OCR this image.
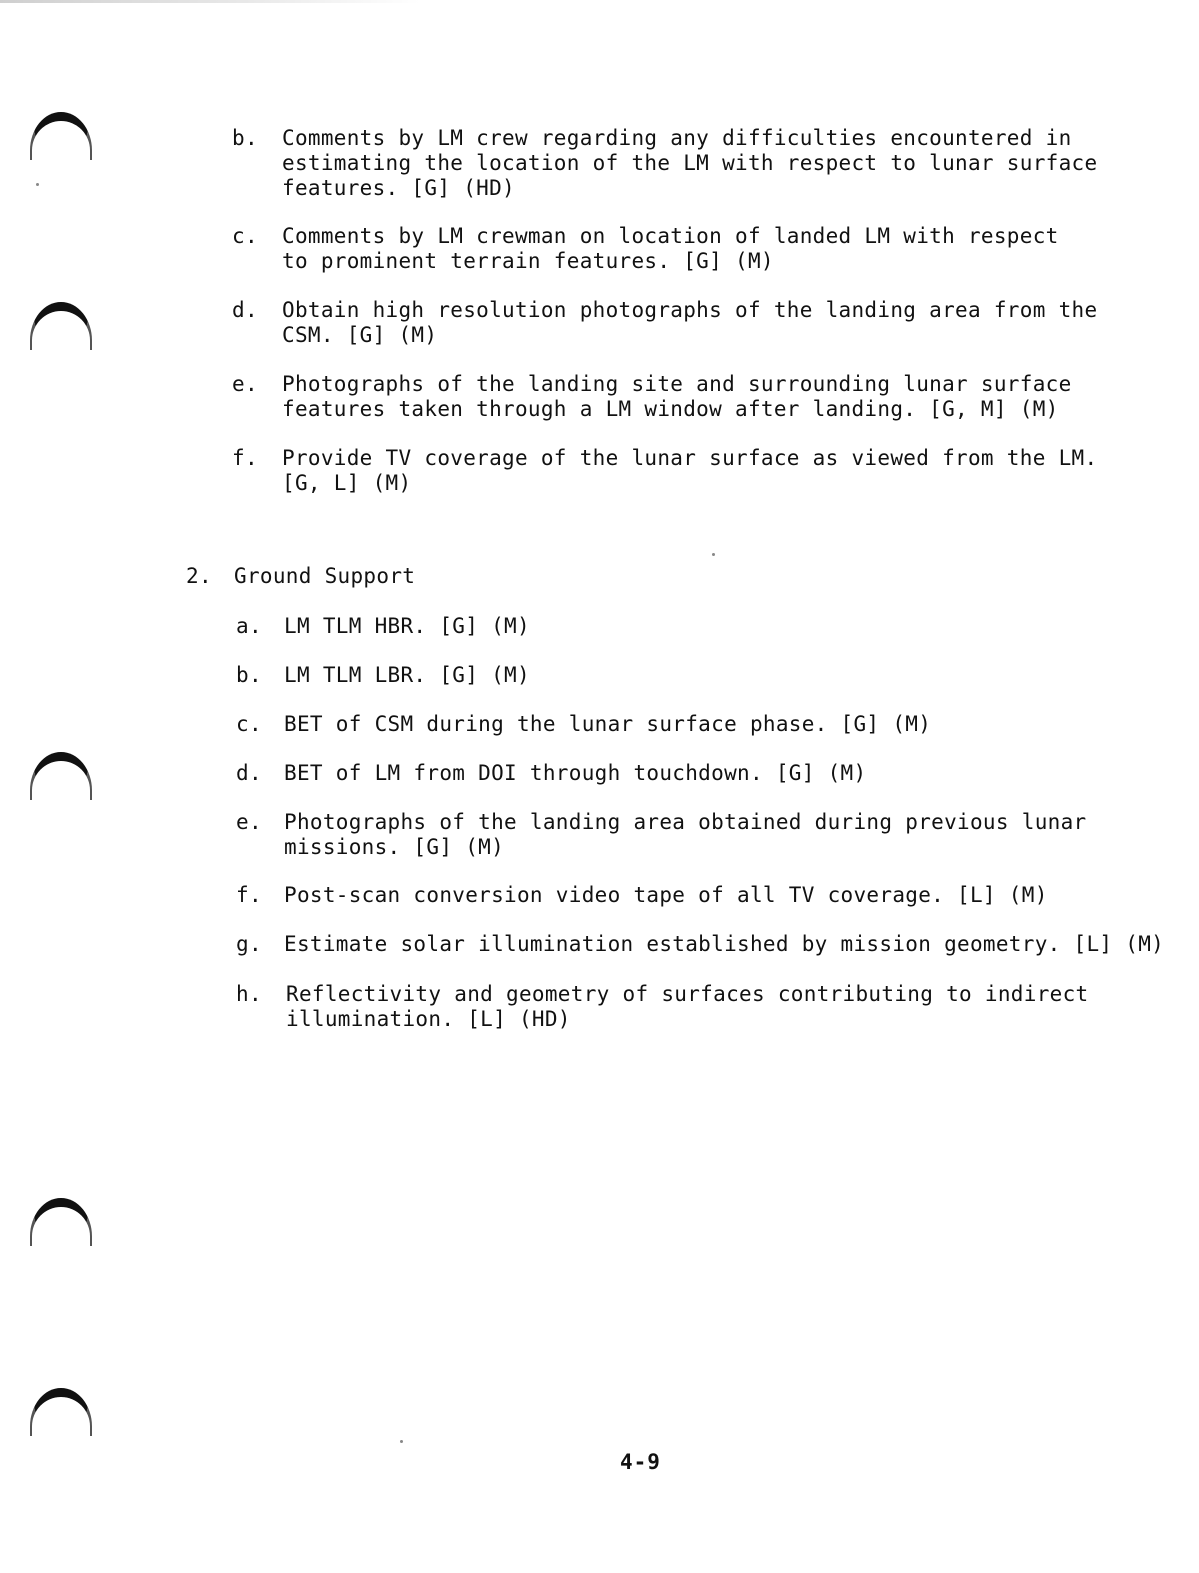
b. Comments by LM crew regarding any difficulties encountered in
estimating the location of the LM with respect to lunar surface
features. [G] (HD)
c. Comments by LM crewman on location of landed LM with respect
to prominent terrain features. [G] (M)
d. Obtain high resolution photographs of the landing area from the
CSM. [G] (M)
e. Photographs of the landing site and surrounding lunar surface
features taken through a LM window after landing. [G, M] (M)
f. Provide TV coverage of the lunar surface as viewed from the LM.
[G, L] (M)
2. Ground Support
a. LM TLM HBR. [G] (M)
b. LM TLM LBR. [G] (M)
c. BET of CSM during the lunar surface phase. [G] (M)
d. BET of LM from DOI through touchdown. [G] (M)
e. Photographs of the landing area obtained during previous lunar
missions. [G] (M)
f. Post-scan conversion video tape of all TV coverage. [L] (M)
g. Estimate solar illumination established by mission geometry. [L] (M)
h. Reflectivity and geometry of surfaces contributing to indirect
illumination. [L] (HD)
4-9
